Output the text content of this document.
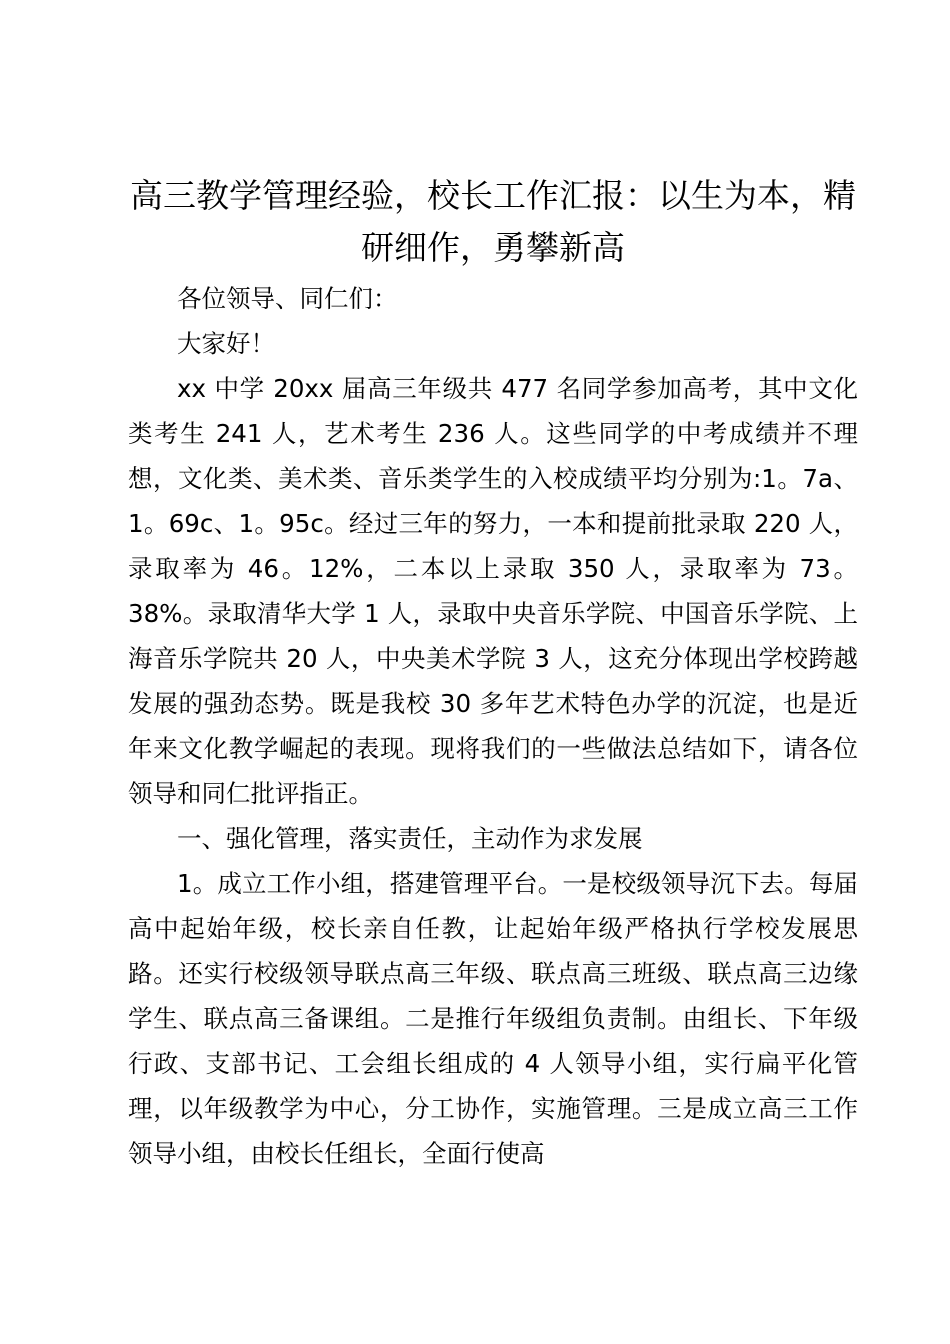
高三教学管理经验，校长工作汇报：以生为本，精研细作，勇攀新高

各位领导、同仁们：

大家好！

xx 中学 20xx 届高三年级共 477 名同学参加高考，其中文化类考生 241 人，艺术考生 236 人。这些同学的中考成绩并不理想，文化类、美术类、音乐类学生的入校成绩平均分别为:1。7a、1。69c、1。95c。经过三年的努力，一本和提前批录取 220 人，录取率为 46。12%，二本以上录取 350 人，录取率为 73。38%。录取清华大学 1 人，录取中央音乐学院、中国音乐学院、上海音乐学院共 20 人，中央美术学院 3 人，这充分体现出学校跨越发展的强劲态势。既是我校 30 多年艺术特色办学的沉淀，也是近年来文化教学崛起的表现。现将我们的一些做法总结如下，请各位领导和同仁批评指正。

一、强化管理，落实责任，主动作为求发展

1。成立工作小组，搭建管理平台。一是校级领导沉下去。每届高中起始年级，校长亲自任教，让起始年级严格执行学校发展思路。还实行校级领导联点高三年级、联点高三班级、联点高三边缘学生、联点高三备课组。二是推行年级组负责制。由组长、下年级行政、支部书记、工会组长组成的 4 人领导小组，实行扁平化管理，以年级教学为中心，分工协作，实施管理。三是成立高三工作领导小组，由校长任组长，全面行使高
